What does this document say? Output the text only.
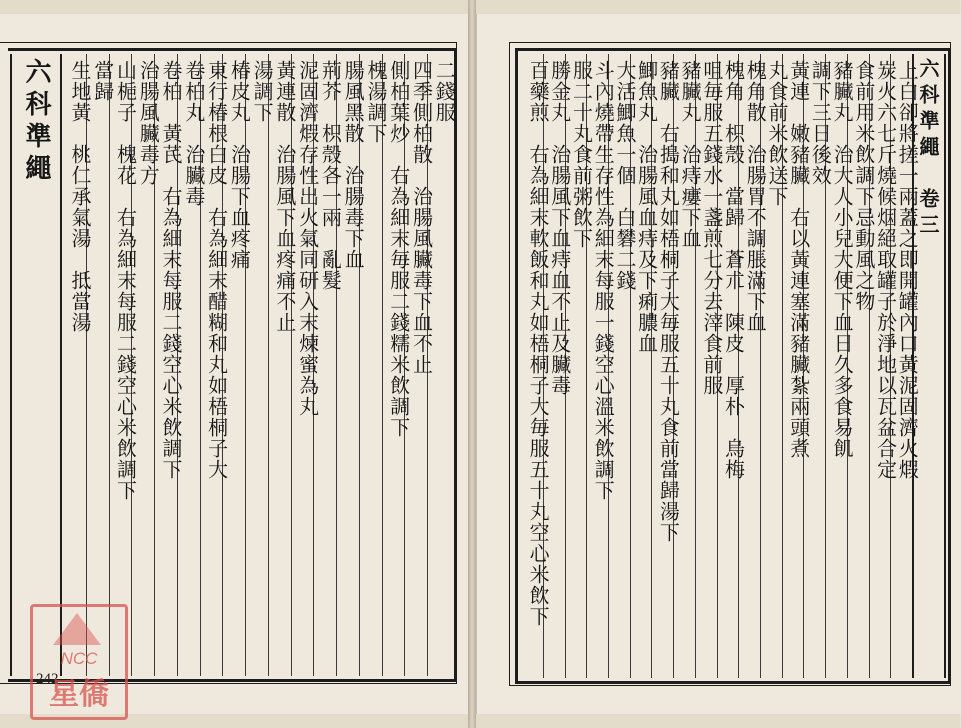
二錢服
四季側柏散　治腸風臟毒下血不止
側柏葉炒　右為細末毎服二錢糯米飲調下
槐湯調下
腸風黑散　治腸毒下血
荊芥　枳殼各一兩　亂髮
泥固濟煆存性出火氣同研入末煉蜜為丸
黃連散　治腸風下血疼痛不止
湯調下
椿皮丸　治腸下血疼痛
東行椿根白皮　右為細末醋糊和丸如梧桐子大
卷柏丸　治臟毒
卷柏　黃芪　右為細末每服二錢空心米飲調下
治腸風臟毒方
山梔子　槐花　右為細末每服二錢空心米飲調下
當歸
生地黃　桃仁承氣湯　抵當湯
六科準繩
242
NCC
星僑
六科準繩　卷三
上白卻將搓一兩蓋之即開罐內口黃泥固濟火煆
炭火六七斤燒候烟絕取罐子於淨地以瓦盆合定
食前用米飲調下忌動風之物
豬臟丸　治大人小兒大便下血日久多食易飢
調下三日後效
黃連　嫩豬臟　右以黃連塞滿豬臟紮兩頭煮
丸食前米飲送下
槐角散　治腸胃不調脹滿下血
槐角　枳殼　當歸　蒼朮　陳皮　厚朴　烏梅
咀毎服五錢水一盞煎七分去滓食前服
豬臟丸　治痔瘻下血
豬臟　右搗和丸如梧桐子大毎服五十丸食前當歸湯下
鯽魚丸　治腸風血痔及下痢膿血
大活鯽魚一個　白礬二錢
斗內燒帶生存性為細末每服一錢空心溫米飲調下
服二十丸食前粥飲下
勝金丸　治腸風下血痔血不止及臟毒
百藥煎　右為細末軟飯和丸如梧桐子大毎服五十丸空心米飲下
